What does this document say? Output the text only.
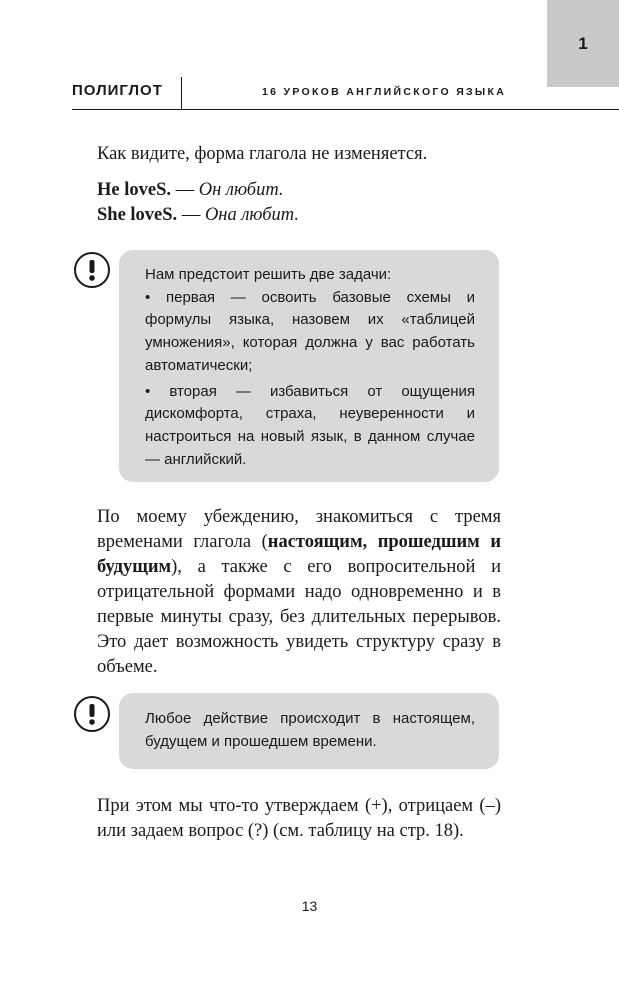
1
ПОЛИГЛОТ	16 УРОКОВ АНГЛИЙСКОГО ЯЗЫКА
Как видите, форма глагола не изменяется.
He loveS. — Он любит.
She loveS. — Она любит.
Нам предстоит решить две задачи:
• первая — освоить базовые схемы и формулы языка, назовем их «таблицей умножения», которая должна у вас работать автоматически;
• вторая — избавиться от ощущения дискомфорта, страха, неуверенности и настроиться на новый язык, в данном случае — английский.
По моему убеждению, знакомиться с тремя временами глагола (настоящим, прошедшим и будущим), а также с его вопросительной и отрицательной формами надо одновременно и в первые минуты сразу, без длительных перерывов. Это дает возможность увидеть структуру сразу в объеме.
Любое действие происходит в настоящем, будущем и прошедшем времени.
При этом мы что-то утверждаем (+), отрицаем (–) или задаем вопрос (?) (см. таблицу на стр. 18).
13
